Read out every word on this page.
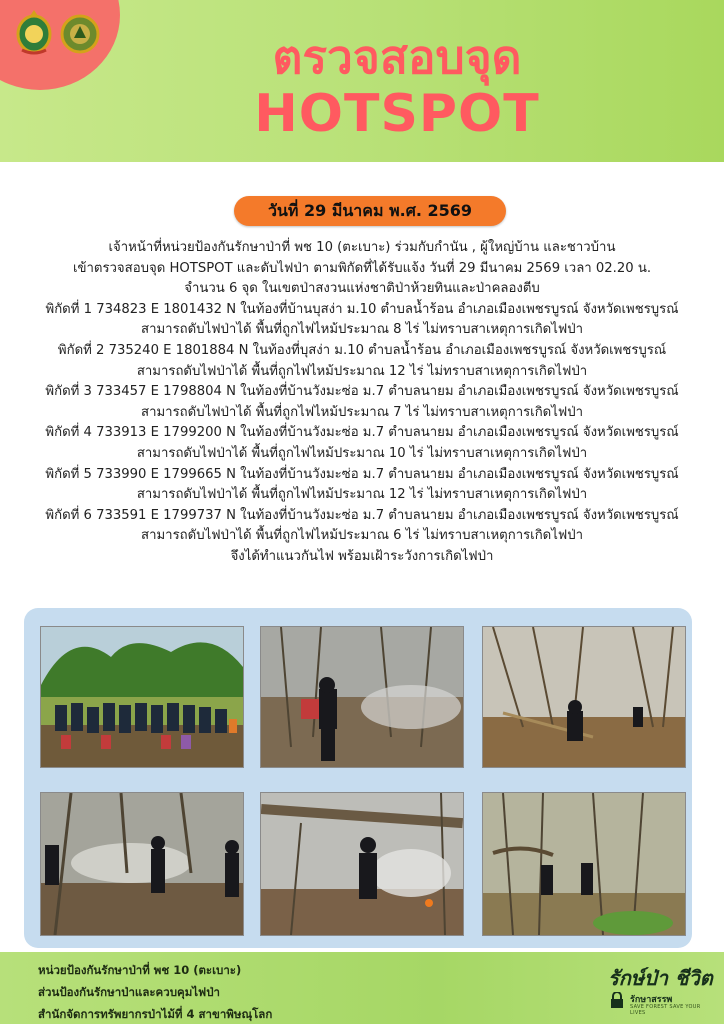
ตรวจสอบจุด
HOTSPOT
วันที่ 29 มีนาคม พ.ศ. 2569
เจ้าหน้าที่หน่วยป้องกันรักษาป่าที่ พช 10 (ตะเบาะ) ร่วมกับกำนัน , ผู้ใหญ่บ้าน และชาวบ้าน
เข้าตรวจสอบจุด HOTSPOT และดับไฟป่า ตามพิกัดที่ได้รับแจ้ง วันที่ 29 มีนาคม 2569 เวลา 02.20 น.
จำนวน 6 จุด ในเขตป่าสงวนแห่งชาติป่าห้วยทินและป่าคลองตีบ
พิกัดที่ 1 734823 E 1801432 N ในท้องที่บ้านบุสง่า ม.10 ตำบลน้ำร้อน อำเภอเมืองเพชรบูรณ์ จังหวัดเพชรบูรณ์
สามารถดับไฟป่าได้ พื้นที่ถูกไฟไหม้ประมาณ 8 ไร่ ไม่ทราบสาเหตุการเกิดไฟป่า
พิกัดที่ 2 735240 E 1801884 N ในท้องที่บุสง่า ม.10 ตำบลน้ำร้อน อำเภอเมืองเพชรบูรณ์ จังหวัดเพชรบูรณ์
สามารถดับไฟป่าได้ พื้นที่ถูกไฟไหม้ประมาณ 12 ไร่ ไม่ทราบสาเหตุการเกิดไฟป่า
พิกัดที่ 3 733457 E 1798804 N ในท้องที่บ้านวังมะซ่อ ม.7 ตำบลนายม อำเภอเมืองเพชรบูรณ์ จังหวัดเพชรบูรณ์
สามารถดับไฟป่าได้ พื้นที่ถูกไฟไหม้ประมาณ 7 ไร่ ไม่ทราบสาเหตุการเกิดไฟป่า
พิกัดที่ 4 733913 E 1799200 N ในท้องที่บ้านวังมะซ่อ ม.7 ตำบลนายม อำเภอเมืองเพชรบูรณ์ จังหวัดเพชรบูรณ์
สามารถดับไฟป่าได้ พื้นที่ถูกไฟไหม้ประมาณ 10 ไร่ ไม่ทราบสาเหตุการเกิดไฟป่า
พิกัดที่ 5 733990 E 1799665 N ในท้องที่บ้านวังมะซ่อ ม.7 ตำบลนายม อำเภอเมืองเพชรบูรณ์ จังหวัดเพชรบูรณ์
สามารถดับไฟป่าได้ พื้นที่ถูกไฟไหม้ประมาณ 12 ไร่ ไม่ทราบสาเหตุการเกิดไฟป่า
พิกัดที่ 6 733591 E 1799737 N ในท้องที่บ้านวังมะซ่อ ม.7 ตำบลนายม อำเภอเมืองเพชรบูรณ์ จังหวัดเพชรบูรณ์
สามารถดับไฟป่าได้ พื้นที่ถูกไฟไหม้ประมาณ 6 ไร่ ไม่ทราบสาเหตุการเกิดไฟป่า
จึงได้ทำแนวกันไฟ พร้อมเฝ้าระวังการเกิดไฟป่า
หน่วยป้องกันรักษาป่าที่ พช 10 (ตะเบาะ)
ส่วนป้องกันรักษาป่าและควบคุมไฟป่า
สำนักจัดการทรัพยากรป่าไม้ที่ 4 สาขาพิษณุโลก
รักษ์ป่า ชีวิต
รักษาสรรพ
SAVE FOREST SAVE YOUR LIVES
